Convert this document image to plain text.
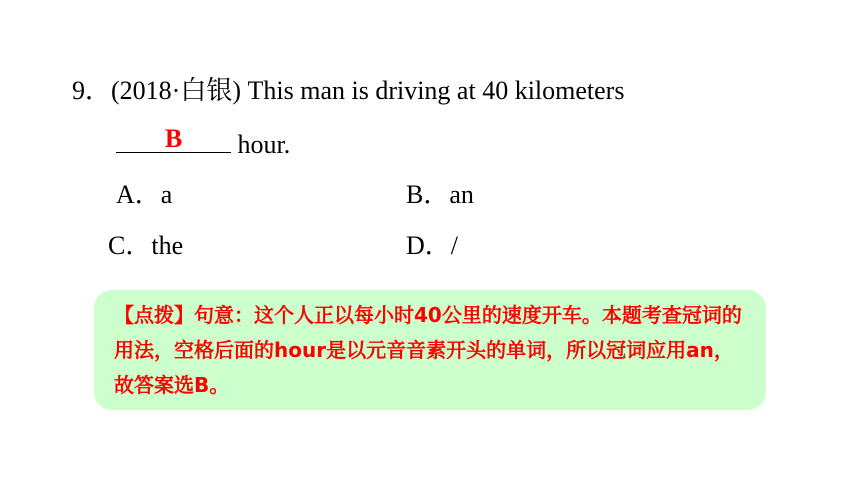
9．(2018·白银) This man is driving at 40 kilometers
B	hour.
A．a	B．an
C．the	D．/

【点拨】句意：这个人正以每小时40公里的速度开车。本题考查冠词的用法，空格后面的hour是以元音音素开头的单词，所以冠词应用an，故答案选B。
